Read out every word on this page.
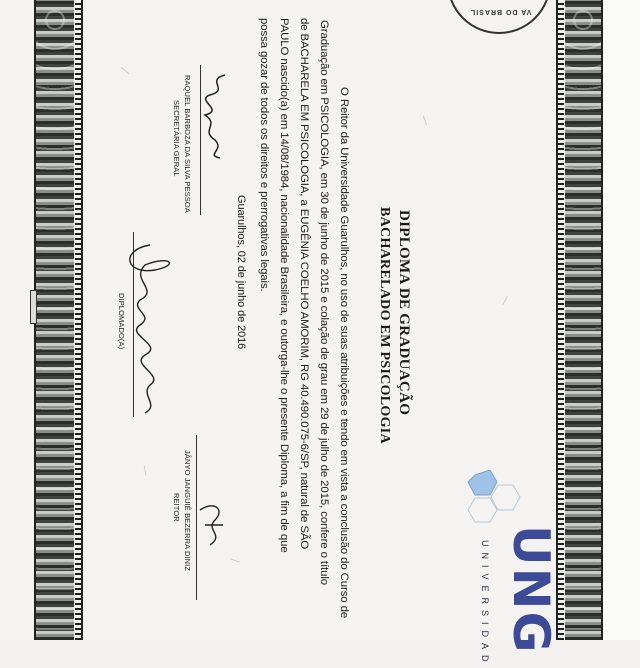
VA DO BRASIL
DIPLOMA DE GRADUAÇÃO
BACHARELADO EM PSICOLOGIA
O Reitor da Universidade Guarulhos, no uso de suas atribuições e tendo em vista a conclusão do Curso de
Graduação em PSICOLOGIA, em 30 de junho de 2015 e colação de grau em 29 de julho de 2015, confere o título
de BACHARELA EM PSICOLOGIA, a EUGÊNIA COELHO AMORIM, RG 40.490.075-6/SP, natural de SÃO
PAULO nascido(a) em 14/08/1984, nacionalidade Brasileira, e outorga-lhe o presente Diploma, a fim de que
possa gozar de todos os direitos e prerrogativas legais.
Guarulhos, 02 de junho de 2016
RAQUEL BARBOZA DA SILVA PESSOA
SECRETÁRIA GERAL
DIPLOMADO(A)
JÂNYO JANGUIÊ BEZERRA DINIZ
REITOR
UNG
UNIVERSIDAD
